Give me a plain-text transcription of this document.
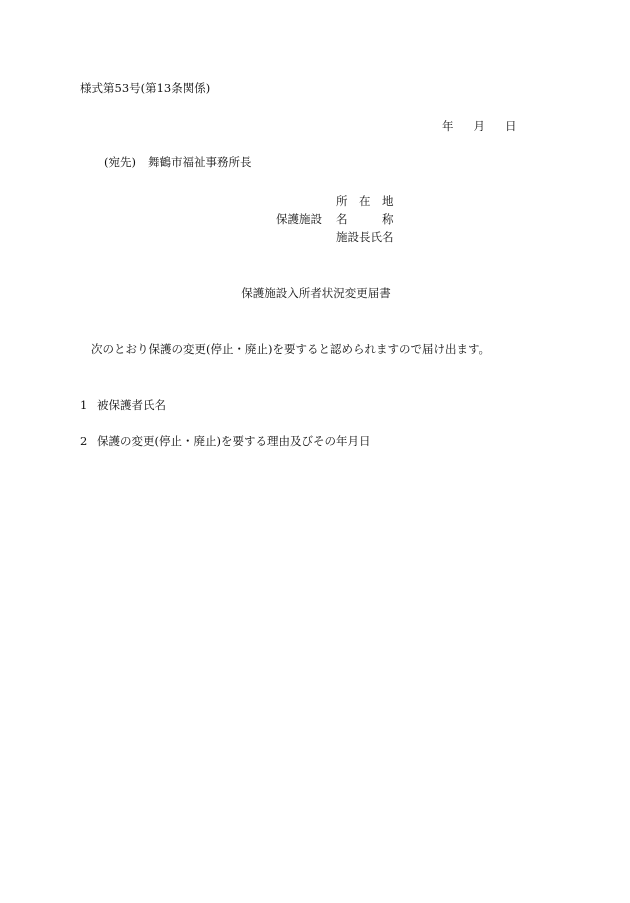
様式第53号(第13条関係)
年 月 日
(宛先) 舞鶴市福祉事務所長
保護施設
所　在　地
名　　　称
施設長氏名
保護施設入所者状況変更届書
次のとおり保護の変更(停止・廃止)を要すると認められますので届け出ます。
1 被保護者氏名
2 保護の変更(停止・廃止)を要する理由及びその年月日
